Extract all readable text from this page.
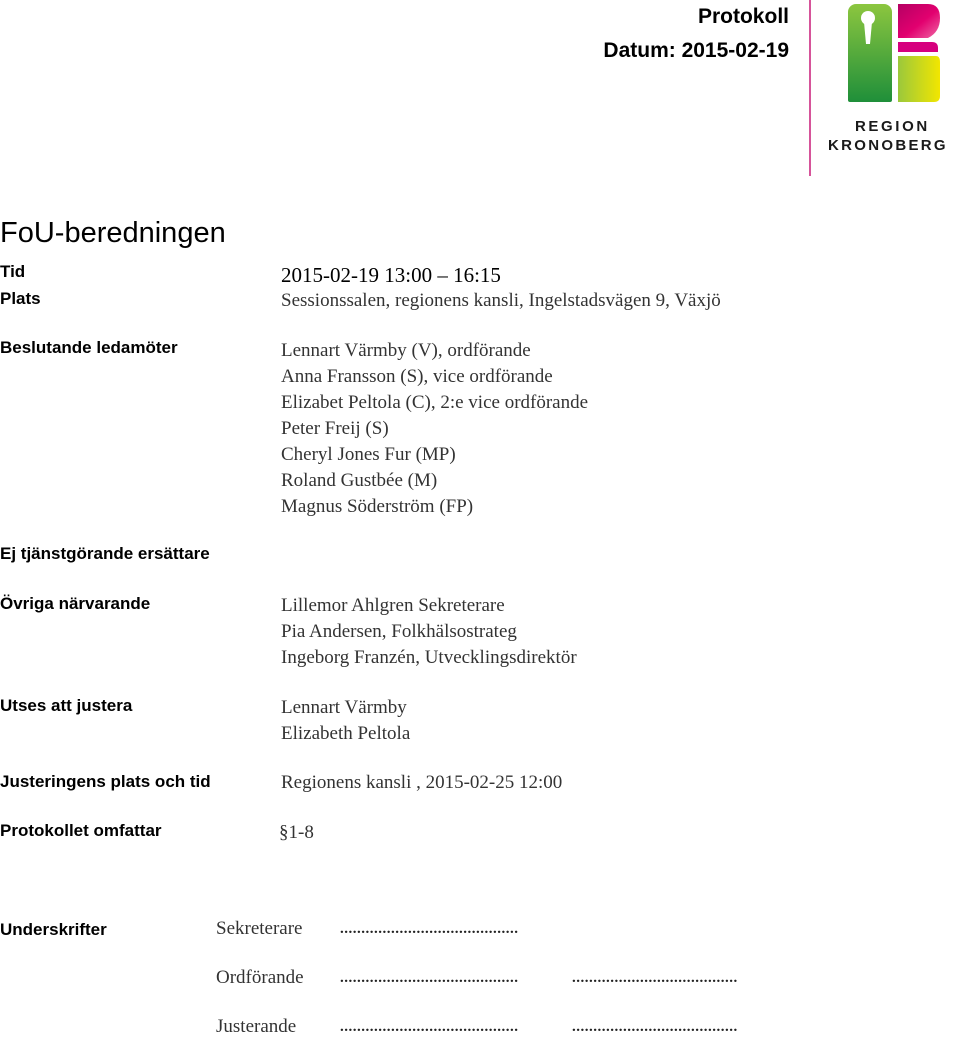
Protokoll
Datum: 2015-02-19
REGION
KRONOBERG
FoU-beredningen
Tid	2015-02-19 13:00 – 16:15
Plats	Sessionssalen, regionens kansli, Ingelstadsvägen 9, Växjö
Beslutande ledamöter	Lennart Värmby (V), ordförande
Anna Fransson (S), vice ordförande
Elizabet Peltola (C), 2:e vice ordförande
Peter Freij (S)
Cheryl Jones Fur (MP)
Roland Gustbée (M)
Magnus Söderström (FP)
Ej tjänstgörande ersättare
Övriga närvarande	Lillemor Ahlgren Sekreterare
Pia Andersen, Folkhälsostrateg
Ingeborg Franzén, Utvecklingsdirektör
Utses att justera	Lennart Värmby
Elizabeth Peltola
Justeringens plats och tid	Regionens kansli , 2015-02-25 12:00
Protokollet omfattar	§1-8
Underskrifter	Sekreterare	..........................................
Ordförande ..........................................	.......................................
Justerande	..........................................	.......................................
